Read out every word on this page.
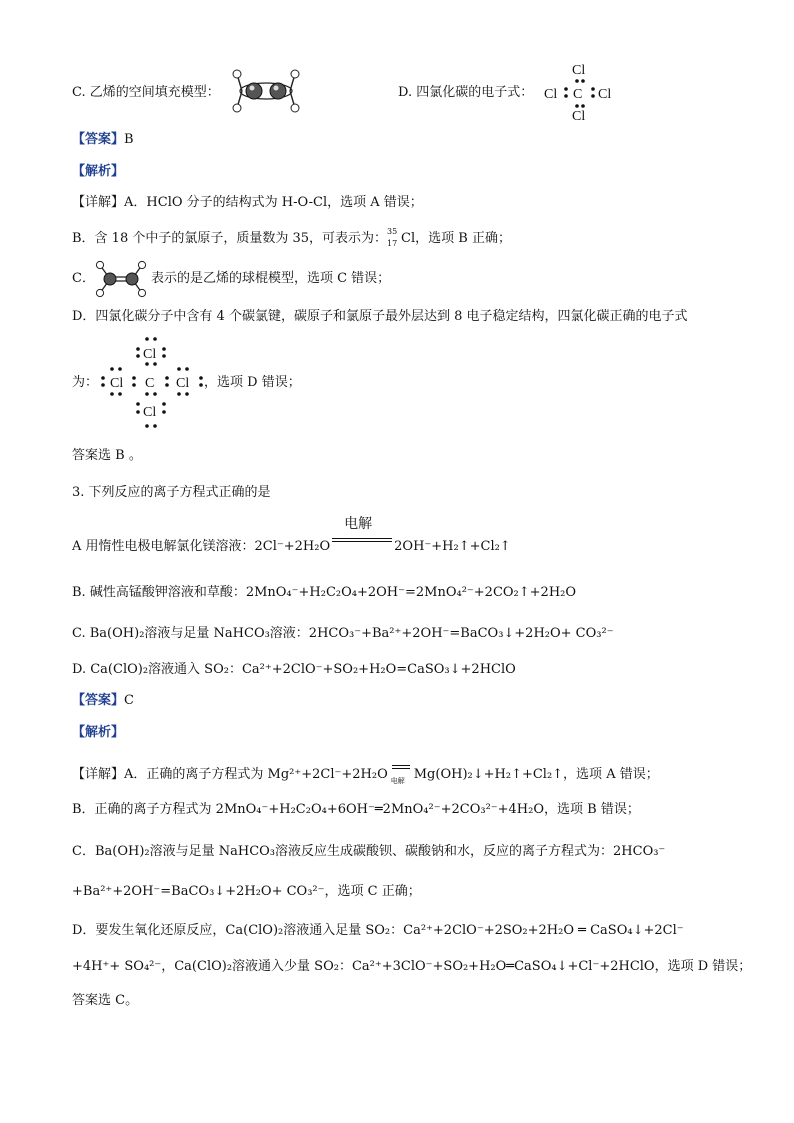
C. 乙烯的空间填充模型：	D. 四氯化碳的电子式：
Cl
Cl C Cl
Cl
【答案】B
【解析】
【详解】A．HClO 分子的结构式为 H-O-Cl，选项 A 错误；
B．含 18 个中子的氯原子，质量数为 35，可表示为： 35
17 Cl，选项 B 正确；
C．	表示的是乙烯的球棍模型，选项 C 错误；
D．四氯化碳分子中含有 4 个碳氯键，碳原子和氯原子最外层达到 8 电子稳定结构，四氯化碳正确的电子式
为：	，选项 D 错误；
Cl
Cl C Cl
Cl
答案选 B 。
3. 下列反应的离子方程式正确的是
A 用惰性电极电解氯化镁溶液：2Cl⁻+2H₂O
电解
2OH⁻+H₂↑+Cl₂↑
B. 碱性高锰酸钾溶液和草酸：2MnO₄⁻+H₂C₂O₄+2OH⁻=2MnO₄²⁻+2CO₂↑+2H₂O
C. Ba(OH)₂溶液与足量 NaHCO₃溶液：2HCO₃⁻+Ba²⁺+2OH⁻=BaCO₃↓+2H₂O+ CO₃²⁻
D. Ca(ClO)₂溶液通入 SO₂：Ca²⁺+2ClO⁻+SO₂+H₂O=CaSO₃↓+2HClO
【答案】C
【解析】
【详解】A．正确的离子方程式为 Mg²⁺+2Cl⁻+2H₂O 电解 Mg(OH)₂↓+H₂↑+Cl₂↑，选项 A 错误；
B．正确的离子方程式为 2MnO₄⁻+H₂C₂O₄+6OH⁻═2MnO₄²⁻+2CO₃²⁻+4H₂O，选项 B 错误；
C．Ba(OH)₂溶液与足量 NaHCO₃溶液反应生成碳酸钡、碳酸钠和水，反应的离子方程式为：2HCO₃⁻
+Ba²⁺+2OH⁻=BaCO₃↓+2H₂O+ CO₃²⁻，选项 C 正确；
D．要发生氧化还原反应，Ca(ClO)₂溶液通入足量 SO₂：Ca²⁺+2ClO⁻+2SO₂+2H₂O ═ CaSO₄↓+2Cl⁻
+4H⁺+ SO₄²⁻，Ca(ClO)₂溶液通入少量 SO₂：Ca²⁺+3ClO⁻+SO₂+H₂O═CaSO₄↓+Cl⁻+2HClO，选项 D 错误；
答案选 C。
